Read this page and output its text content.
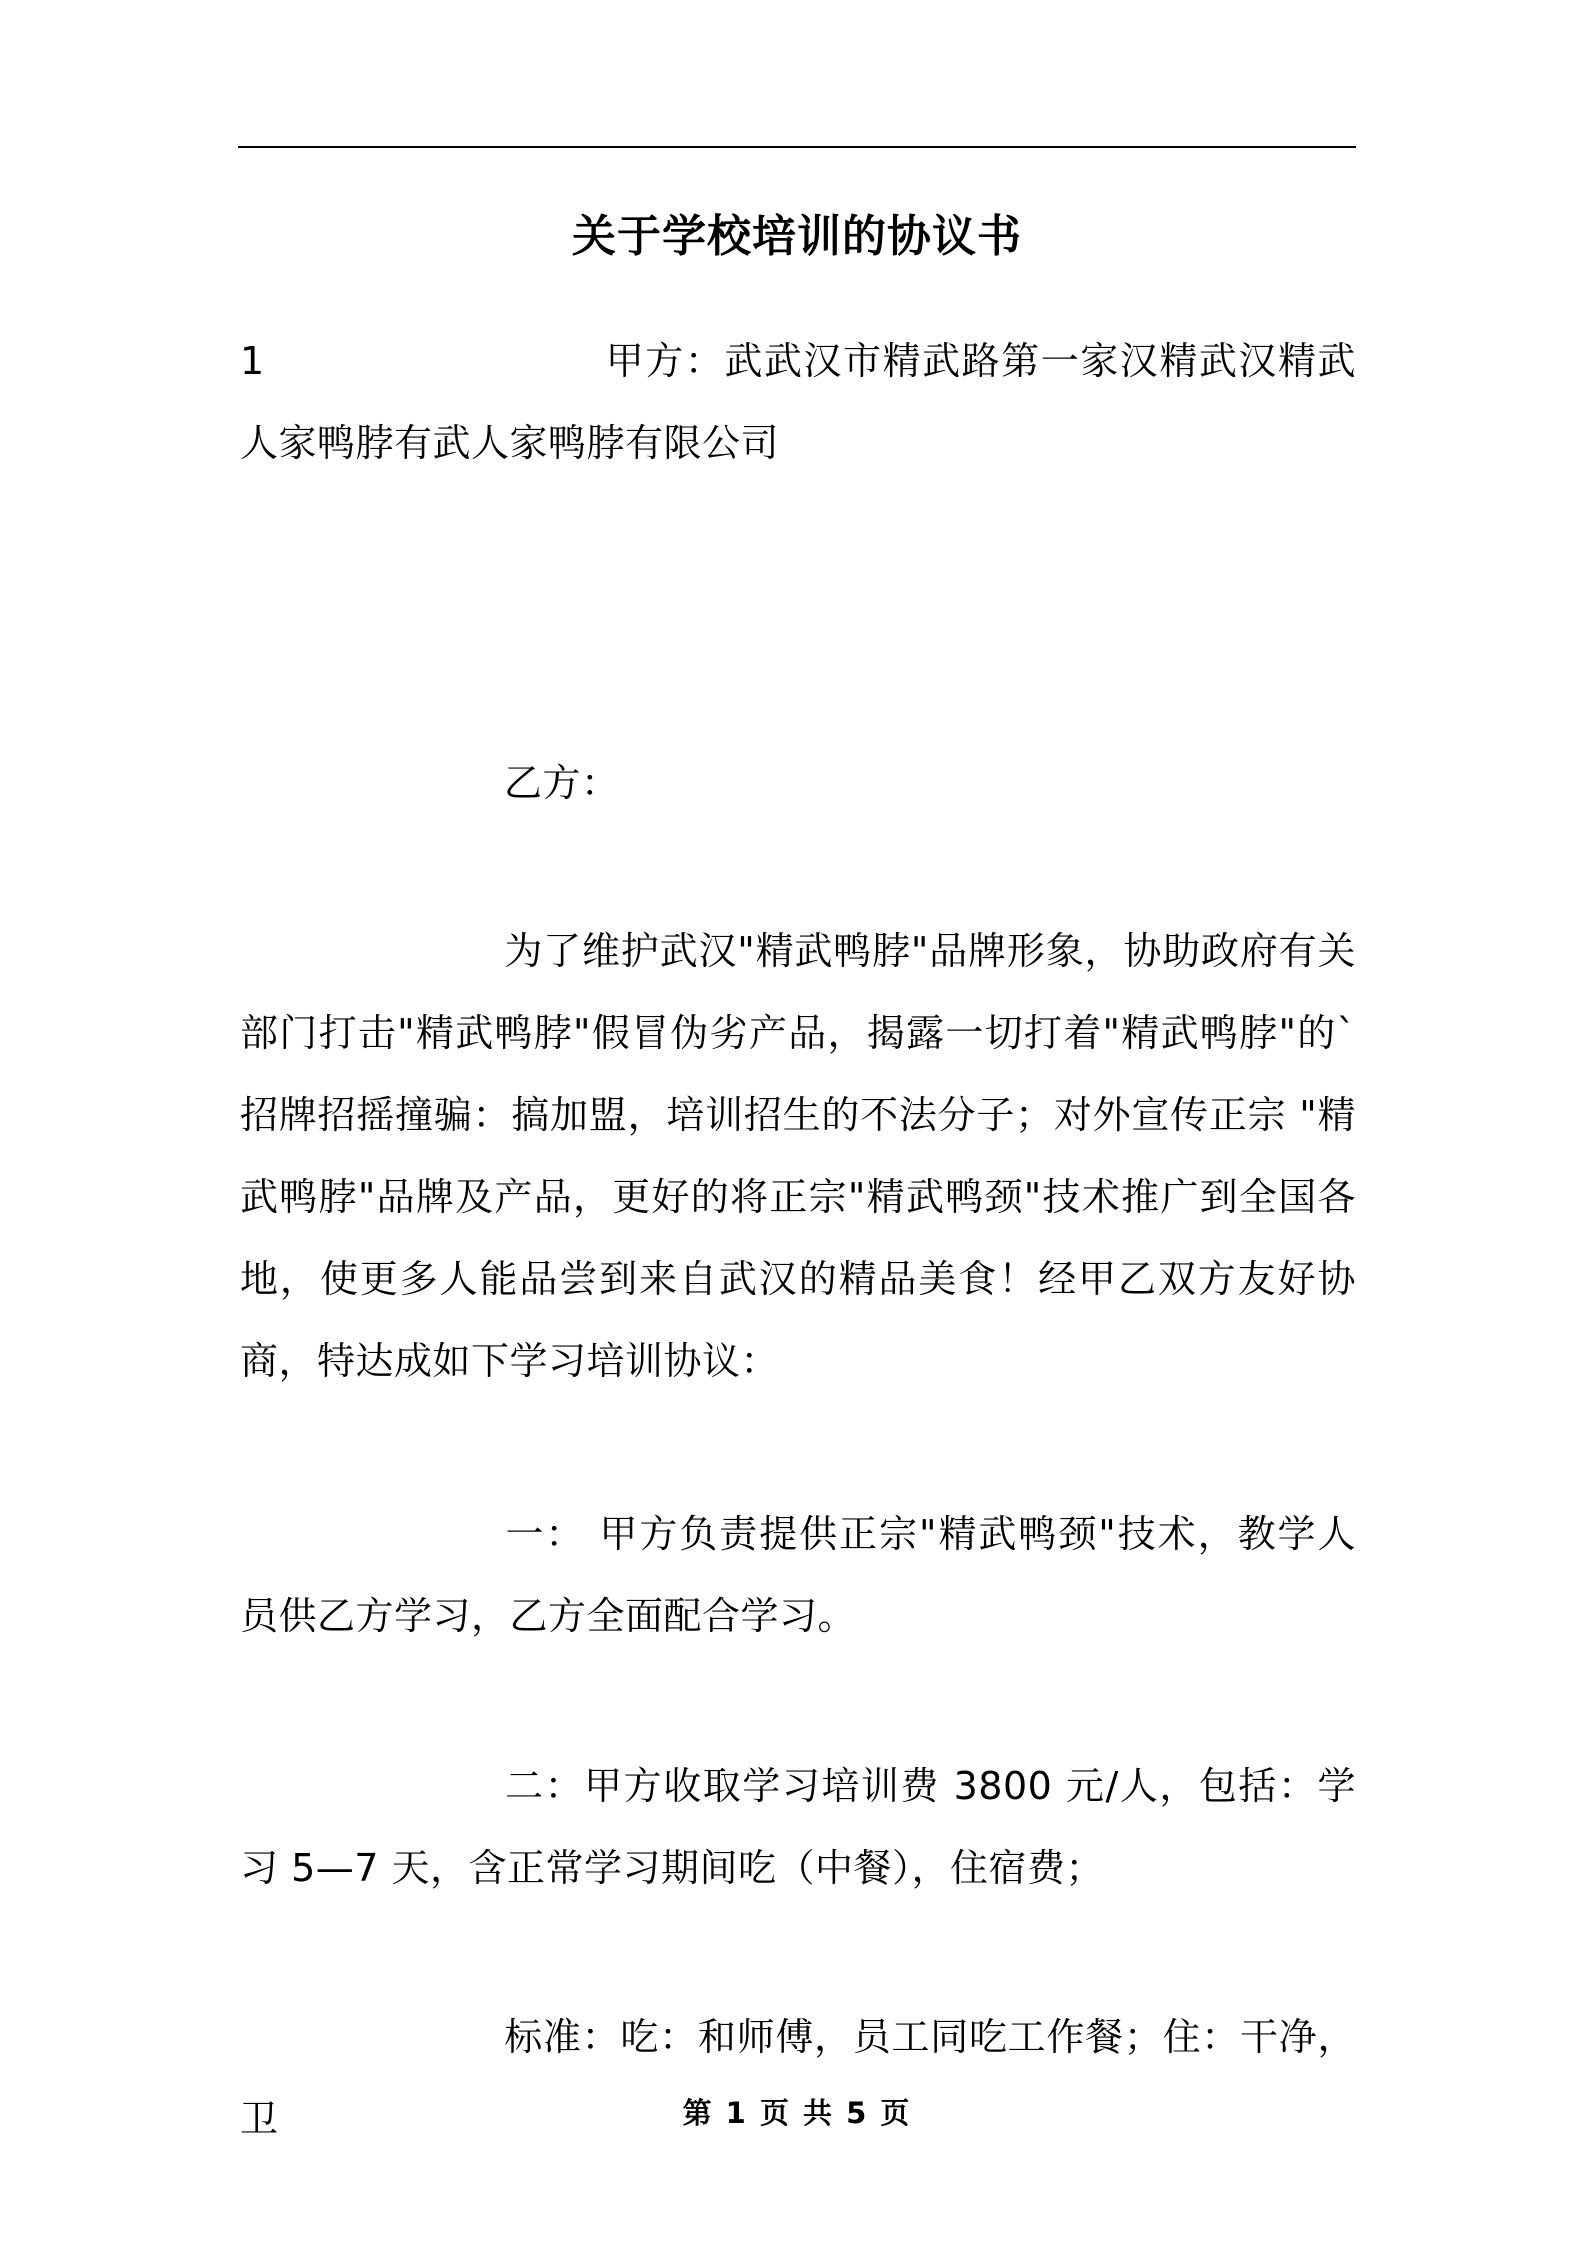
关于学校培训的协议书
1	甲方：武武汉市精武路第一家汉精武汉精武人家鸭脖有武人家鸭脖有限公司
乙方：
为了维护武汉"精武鸭脖"品牌形象，协助政府有关部门打击"精武鸭脖"假冒伪劣产品，揭露一切打着"精武鸭脖"的`招牌招摇撞骗：搞加盟，培训招生的不法分子；对外宣传正宗 "精武鸭脖"品牌及产品，更好的将正宗"精武鸭颈"技术推广到全国各地，使更多人能品尝到来自武汉的精品美食！经甲乙双方友好协商，特达成如下学习培训协议：
一： 甲方负责提供正宗"精武鸭颈"技术，教学人员供乙方学习，乙方全面配合学习。
二：甲方收取学习培训费 3800 元/人，包括：学习 5—7 天，含正常学习期间吃（中餐），住宿费；
标准：吃：和师傅，员工同吃工作餐；住：干净，卫	第 1 页 共 5 页
